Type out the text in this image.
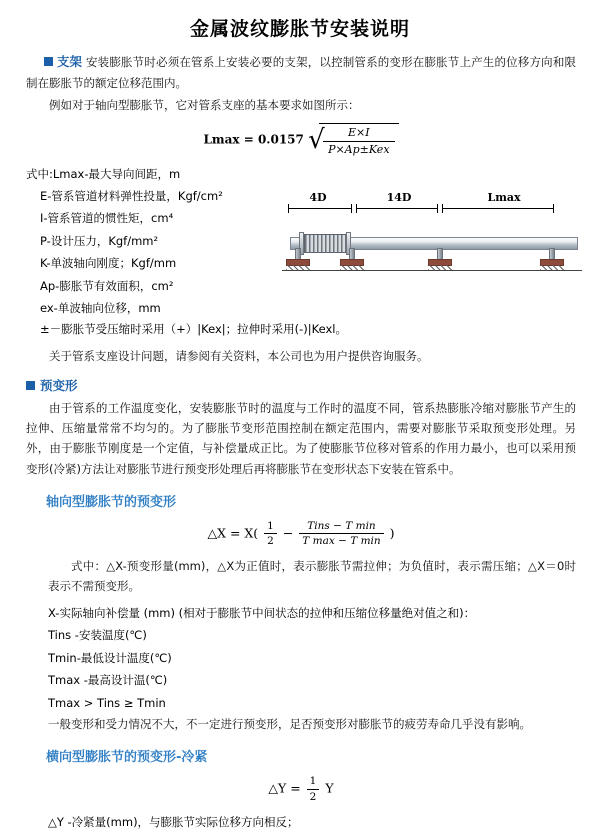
金属波纹膨胀节安装说明

支架 安装膨胀节时必须在管系上安装必要的支架，以控制管系的变形在膨胀节上产生的位移方向和限制在膨胀节的额定位移范围内。

例如对于轴向型膨胀节，它对管系支座的基本要求如图所示：

Lmax = 0.0157 √
$\frac{E\times I}{\text{P×Ap±Kex}}$
式中:Lmax-最大导向间距，m
E-管系管道材料弹性投量，Kgf/cm²
I-管系管道的惯性矩，cm⁴
P-设计压力，Kgf/mm²
K-单波轴向刚度；Kgf/mm
Ap-膨胀节有效面积，cm²
ex-单波轴向位移，mm
4D	14D	Lmax
±－膨胀节受压缩时采用（+）|Kex|；拉伸时采用(-)|Kexl。

关于管系支座设计问题，请参阅有关资料，本公司也为用户提供咨询服务。

预变形

由于管系的工作温度变化，安装膨胀节时的温度与工作时的温度不同，管系热膨胀冷缩对膨胀节产生的拉伸、压缩量常常不均匀的。为了膨胀节变形范围控制在额定范围内，需要对膨胀节采取预变形处理。另外，由于膨胀节刚度是一个定值，与补偿量成正比。为了使膨胀节位移对管系的作用力最小，也可以采用预变形(冷紧)方法让对膨胀节进行预变形处理后再将膨胀节在变形状态下安装在管系中。

轴向型膨胀节的预变形
△X = $X( \frac{1}{2} - \frac{\text{Tins − T min}}{\text{T max − T min}}$ )

式中：△X-预变形量(mm)，△X为正值时，表示膨胀节需拉伸；为负值时，表示需压缩；△X＝0时表示不需预变形。

X-实际轴向补偿量 (mm) (相对于膨胀节中间状态的拉伸和压缩位移量绝对值之和)：
Tins -安装温度(℃)
Tmin-最低设计温度(℃)
Tmax -最高设计温(℃)
Tmax > Tins ≥ Tmin

一般变形和受力情况不大，不一定进行预变形，足否预变形对膨胀节的疲劳寿命几乎没有影响。

横向型膨胀节的预变形-冷紧
△Y = $\frac{1}{2}$ Y
△Y -冷紧量(mm)，与膨胀节实际位移方向相反；
